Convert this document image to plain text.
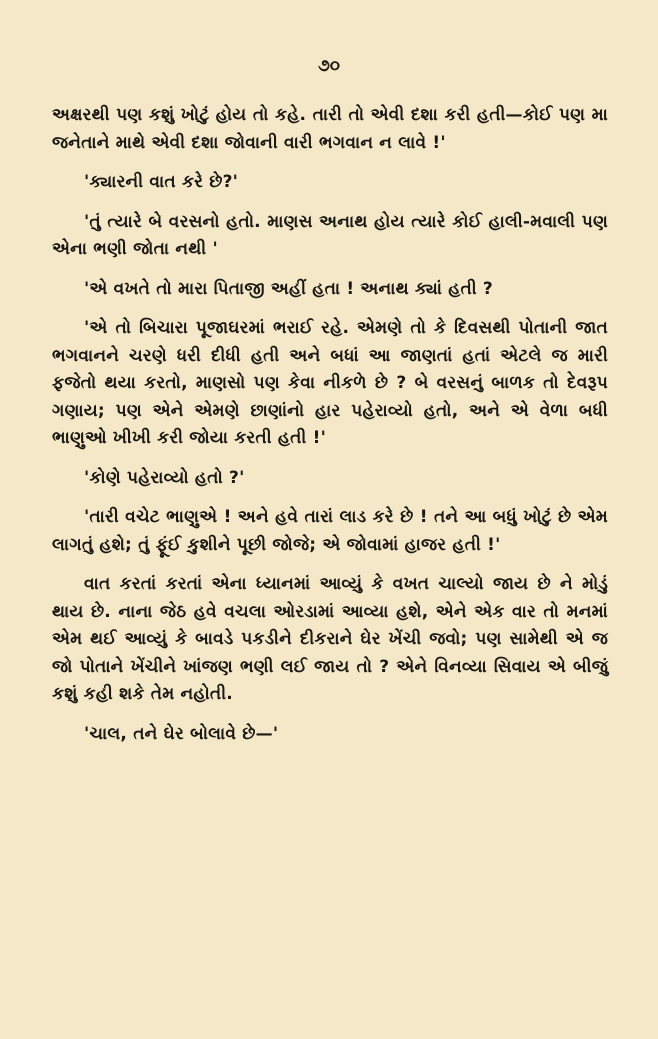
૭૦

અક્ષરથી પણ કશું ખોટું હોય તો કહે. તારી તો એવી દશા કરી હતી—કોઈ પણ મા જનેતાને માથે એવી દશા જોવાની વારી ભગવાન ન લાવે !'

'ક્યારની વાત કરે છે?'

'તું ત્યારે બે વરસનો હતો. માણસ અનાથ હોય ત્યારે કોઈ હાલી-મવાલી પણ એના ભણી જોતા નથી '

'એ વખતે તો મારા પિતાજી અહીં હતા ! અનાથ ક્યાં હતી ?

'એ તો બિચારા પૂજાઘરમાં ભરાઈ રહે. એમણે તો કે દિવસથી પોતાની જાત ભગવાનને ચરણે ધરી દીધી હતી અને બધાં આ જાણતાં હતાં એટલે જ મારી ફજેતો થયા કરતો, માણસો પણ કેવા નીકળે છે ? બે વરસનું બાળક તો દેવરૂપ ગણાય; પણ એને એમણે છાણાંનો હાર પહેરાવ્યો હતો, અને એ વેળા બધી ભાણુઓ ખીખી કરી જોયા કરતી હતી !'

'કોણે પહેરાવ્યો હતો ?'

'તારી વચેટ ભાણુએ ! અને હવે તારાં લાડ કરે છે ! તને આ બધું ખોટું છે એમ લાગતું હશે; તું ફૂંઈ કુશીને પૂછી જોજે; એ જોવામાં હાજર હતી !'

વાત કરતાં કરતાં એના ધ્યાનમાં આવ્યું કે વખત ચાલ્યો જાય છે ને મોડું થાય છે. નાના જેઠ હવે વચલા ઓરડામાં આવ્યા હશે, એને એક વાર તો મનમાં એમ થઈ આવ્યું કે બાવડે પકડીને દીકરાને ઘેર ખેંચી જવો; પણ સામેથી એ જ જો પોતાને ખેંચીને ખાંજણ ભણી લઈ જાય તો ? એને વિનવ્યા સિવાય એ બીજું કશું કહી શકે તેમ નહોતી.

'ચાલ, તને ઘેર બોલાવે છે—'
